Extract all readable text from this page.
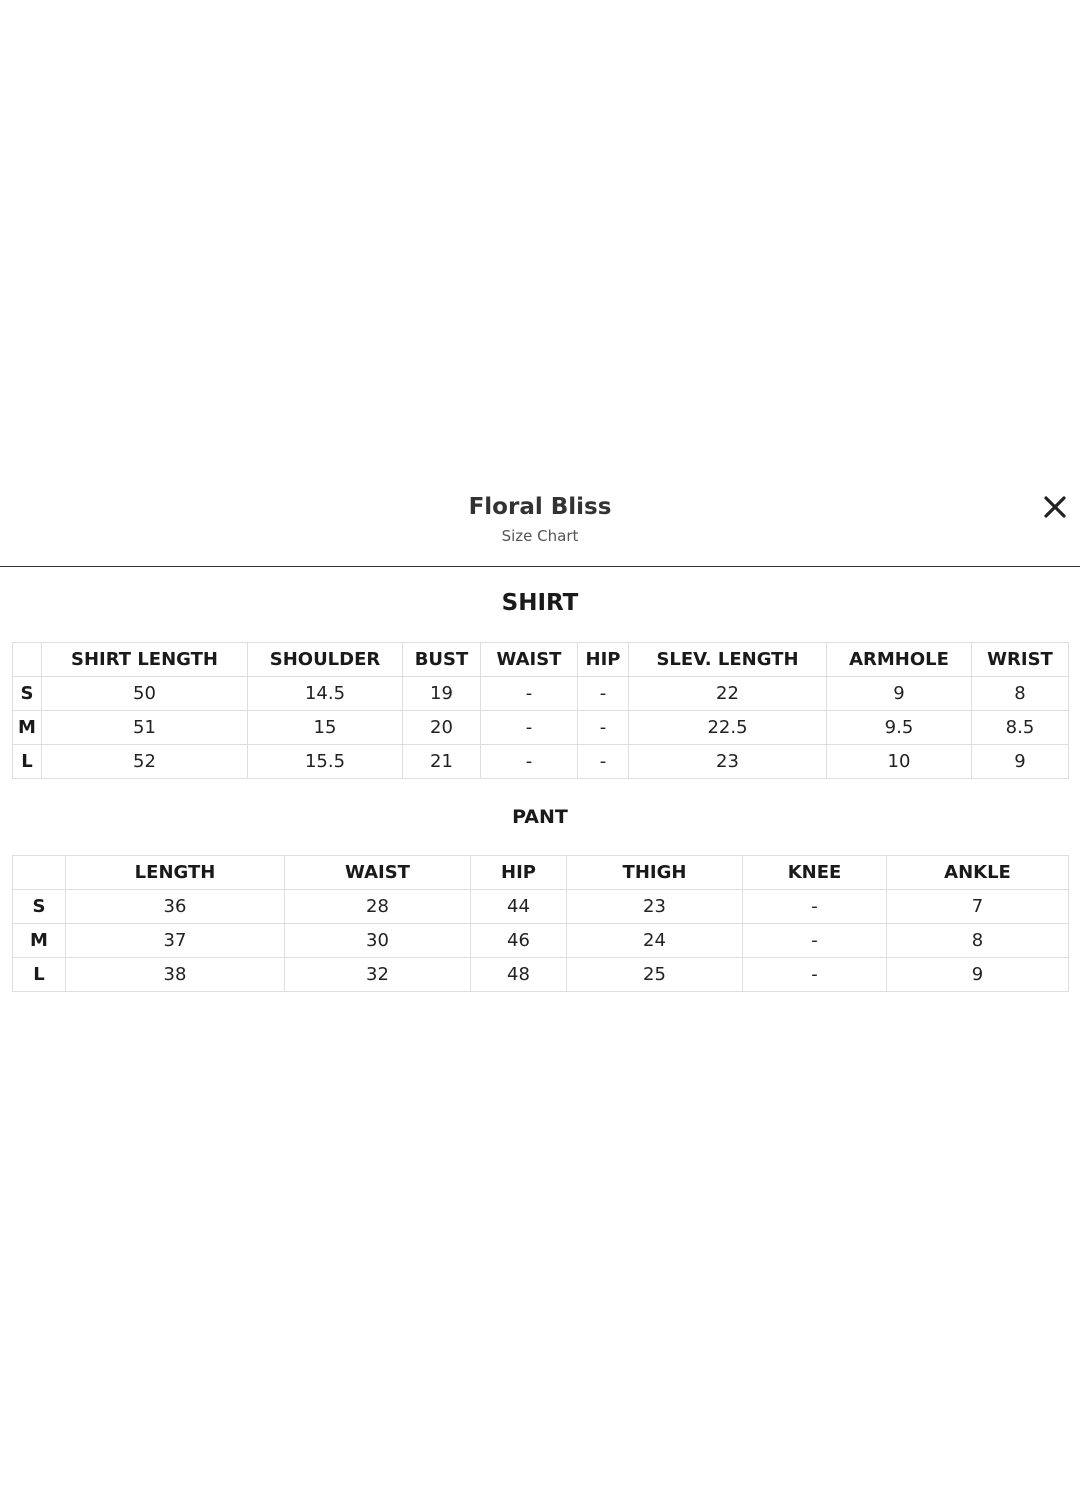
Floral Bliss
Size Chart
SHIRT
	SHIRT LENGTH	SHOULDER	BUST	WAIST	HIP	SLEV. LENGTH	ARMHOLE	WRIST
S	50	14.5	19	-	-	22	9	8
M	51	15	20	-	-	22.5	9.5	8.5
L	52	15.5	21	-	-	23	10	9
PANT
	LENGTH	WAIST	HIP	THIGH	KNEE	ANKLE
S	36	28	44	23	-	7
M	37	30	46	24	-	8
L	38	32	48	25	-	9
